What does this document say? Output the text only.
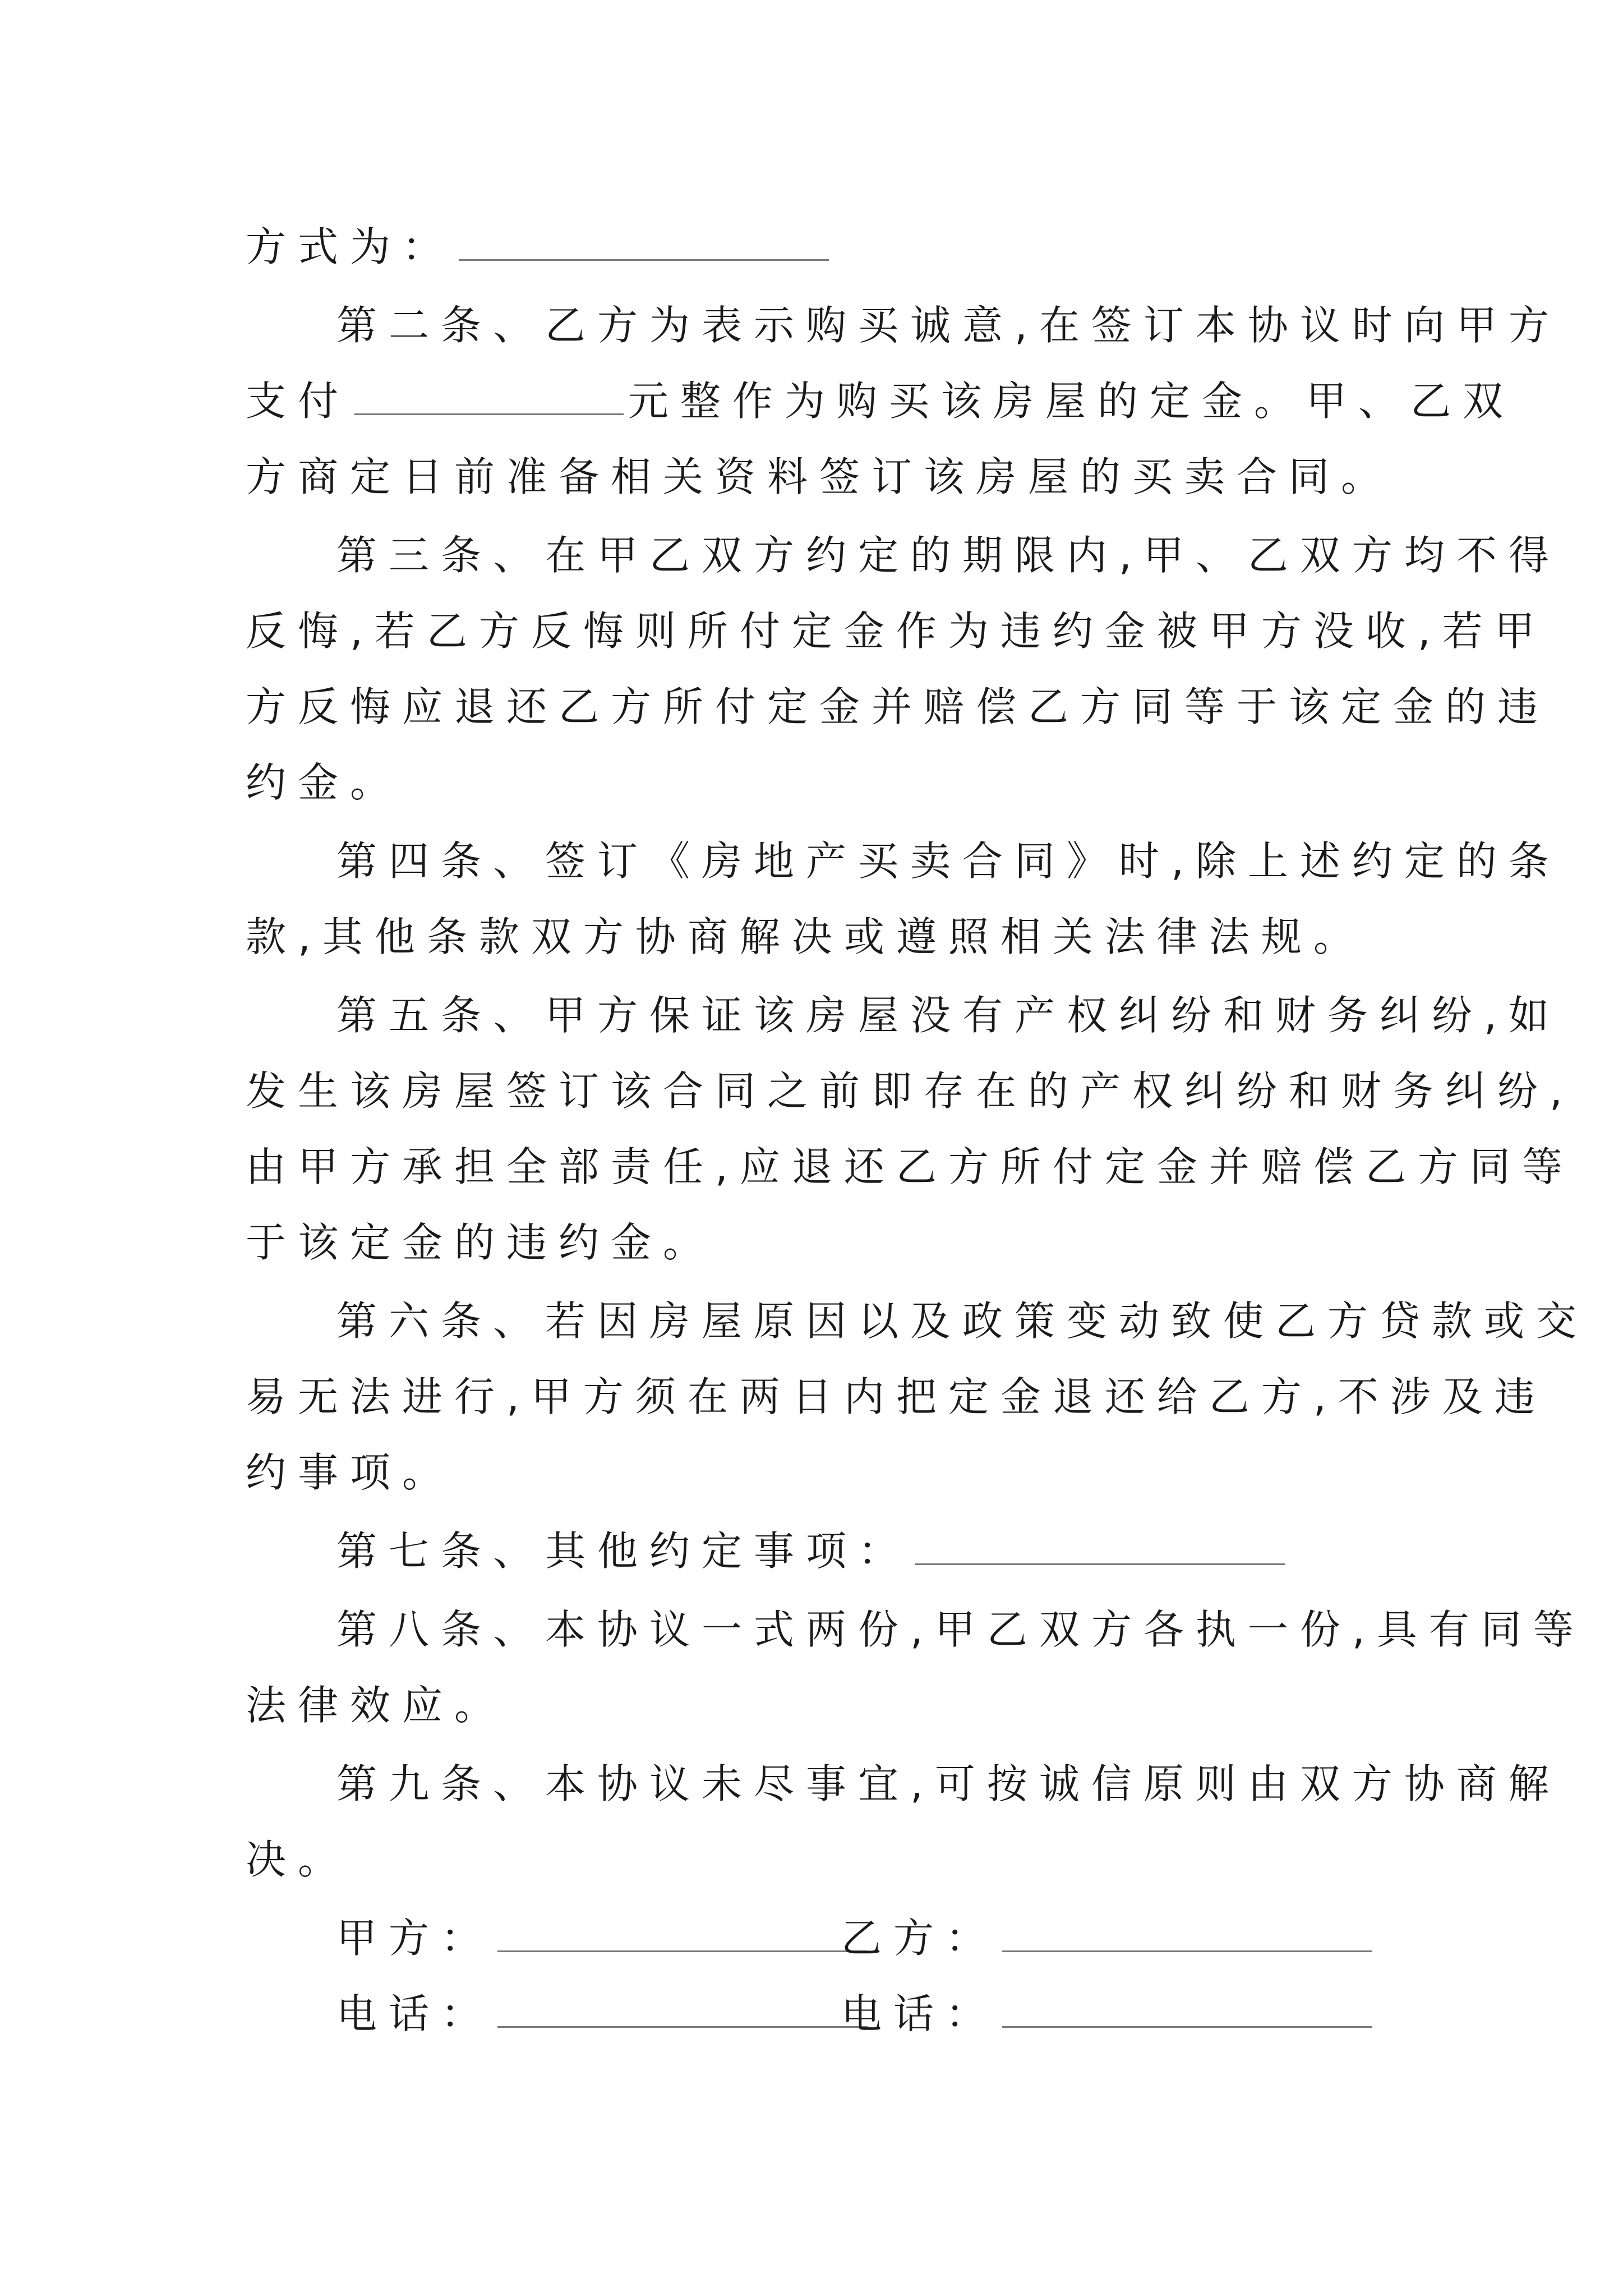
方式为：
第二条、乙方为表示购买诚意,在签订本协议时向甲方
支付	元整作为购买该房屋的定金。甲、乙双
方商定日前准备相关资料签订该房屋的买卖合同。
第三条、在甲乙双方约定的期限内,甲、乙双方均不得
反悔,若乙方反悔则所付定金作为违约金被甲方没收,若甲
方反悔应退还乙方所付定金并赔偿乙方同等于该定金的违
约金。
第四条、签订《房地产买卖合同》时,除上述约定的条
款,其他条款双方协商解决或遵照相关法律法规。
第五条、甲方保证该房屋没有产权纠纷和财务纠纷,如
发生该房屋签订该合同之前即存在的产权纠纷和财务纠纷,
由甲方承担全部责任,应退还乙方所付定金并赔偿乙方同等
于该定金的违约金。
第六条、若因房屋原因以及政策变动致使乙方贷款或交
易无法进行,甲方须在两日内把定金退还给乙方,不涉及违
约事项。
第七条、其他约定事项：
第八条、本协议一式两份,甲乙双方各执一份,具有同等
法律效应。
第九条、本协议未尽事宜,可按诚信原则由双方协商解
决。
甲方：	乙方：
电话：	电话：
